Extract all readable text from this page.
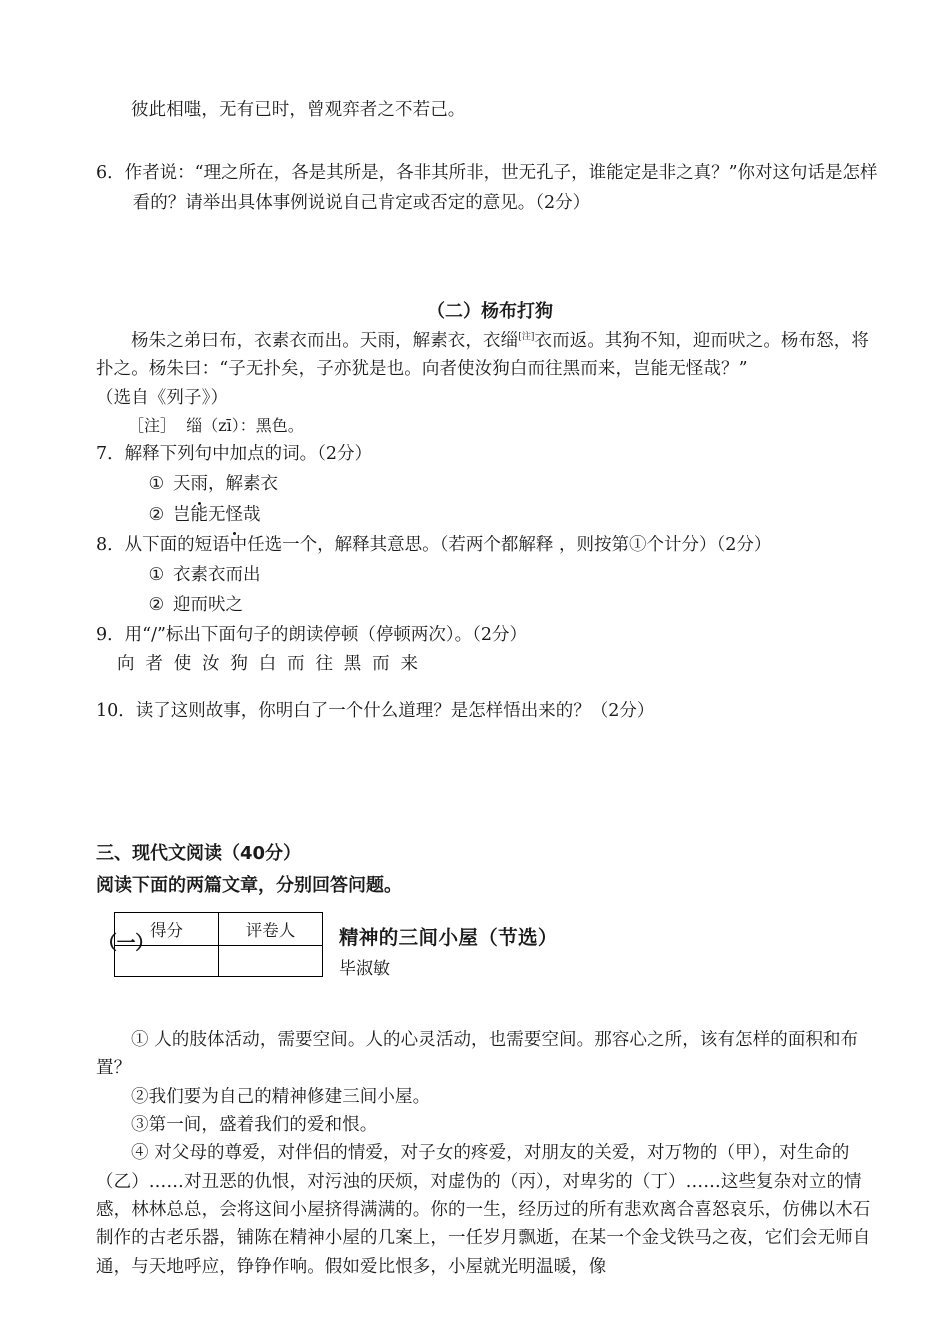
彼此相嗤，无有已时，曾观弈者之不若己。
6．作者说：“理之所在，各是其所是，各非其所非，世无孔子，谁能定是非之真？”你对这句话是怎样看的？请举出具体事例说说自己肯定或否定的意见。（2分）
（二）杨布打狗
杨朱之弟曰布，衣素衣而出。天雨，解素衣，衣缁[注]衣而返。其狗不知，迎而吠之。杨布怒，将扑之。杨朱曰：“子无扑矣，子亦犹是也。向者使汝狗白而往黑而来，岂能无怪哉？”
（选自《列子》）
［注］ 缁（zī）：黑色。
7．解释下列句中加点的词。（2分）
① 天雨，解素衣
② 岂能无怪哉
8．从下面的短语中任选一个，解释其意思。（若两个都解释 ，则按第①个计分）（2分）
① 衣素衣而出
② 迎而吠之
9．用“/”标出下面句子的朗读停顿（停顿两次）。（2分）
向者使汝狗白而往黑而来
10．读了这则故事，你明白了一个什么道理？是怎样悟出来的？（2分）
三、现代文阅读（40分）
阅读下面的两篇文章，分别回答问题。
（一）
得分	评卷人
	精神的三间小屋（节选）
毕淑敏
① 人的肢体活动，需要空间。人的心灵活动，也需要空间。那容心之所，该有怎样的面积和布置？
②我们要为自己的精神修建三间小屋。
③第一间，盛着我们的爱和恨。
④ 对父母的尊爱，对伴侣的情爱，对子女的疼爱，对朋友的关爱，对万物的（甲），对生命的（乙）……对丑恶的仇恨，对污浊的厌烦，对虚伪的（丙），对卑劣的（丁）……这些复杂对立的情感，林林总总，会将这间小屋挤得满满的。你的一生，经历过的所有悲欢离合喜怒哀乐，仿佛以木石制作的古老乐器，铺陈在精神小屋的几案上，一任岁月飘逝，在某一个金戈铁马之夜，它们会无师自通，与天地呼应，铮铮作响。假如爱比恨多，小屋就光明温暖，像
